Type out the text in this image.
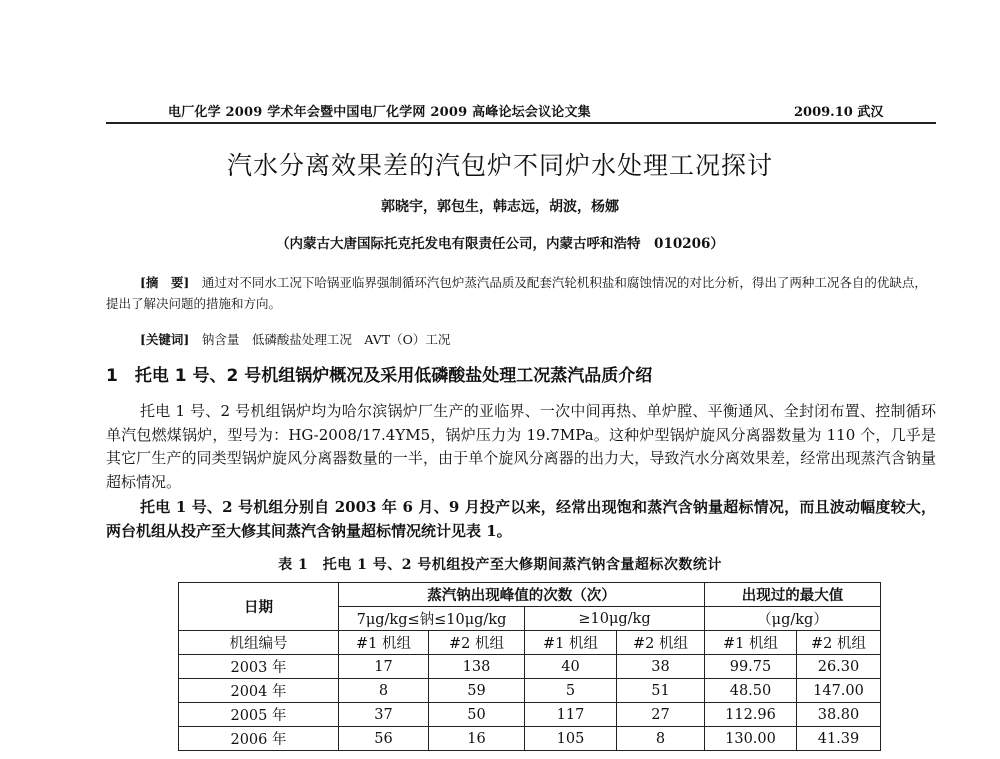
电厂化学 2009 学术年会暨中国电厂化学网 2009 高峰论坛会议论文集	2009.10 武汉
汽水分离效果差的汽包炉不同炉水处理工况探讨
郭晓宇，郭包生，韩志远，胡波，杨娜
（内蒙古大唐国际托克托发电有限责任公司，内蒙古呼和浩特　010206）
[摘　要]　 通过对不同水工况下哈锅亚临界强制循环汽包炉蒸汽品质及配套汽轮机积盐和腐蚀情况的对比分析，得出了两种工况各自的优缺点，提出了解决问题的措施和方向。
[关键词]　 钠含量　低磷酸盐处理工况　AVT（O）工况
1　托电 1 号、2 号机组锅炉概况及采用低磷酸盐处理工况蒸汽品质介绍
托电 1 号、2 号机组锅炉均为哈尔滨锅炉厂生产的亚临界、一次中间再热、单炉膛、平衡通风、全封闭布置、控制循环单汽包燃煤锅炉，型号为：HG-2008/17.4YM5，锅炉压力为 19.7MPa。这种炉型锅炉旋风分离器数量为 110 个，几乎是其它厂生产的同类型锅炉旋风分离器数量的一半，由于单个旋风分离器的出力大，导致汽水分离效果差，经常出现蒸汽含钠量超标情况。
托电 1 号、2 号机组分别自 2003 年 6 月、9 月投产以来，经常出现饱和蒸汽含钠量超标情况，而且波动幅度较大，两台机组从投产至大修其间蒸汽含钠量超标情况统计见表 1。
表 1　托电 1 号、2 号机组投产至大修期间蒸汽钠含量超标次数统计
日期	蒸汽钠出现峰值的次数（次）				出现过的最大值	
	7μg/kg≤钠≤10μg/kg		≥10μg/kg		（μg/kg）	
机组编号	#1 机组	#2 机组	#1 机组	#2 机组	#1 机组	#2 机组
2003 年	17	138	40	38	99.75	26.30
2004 年	8	59	5	51	48.50	147.00
2005 年	37	50	117	27	112.96	38.80
2006 年	56	16	105	8	130.00	41.39
